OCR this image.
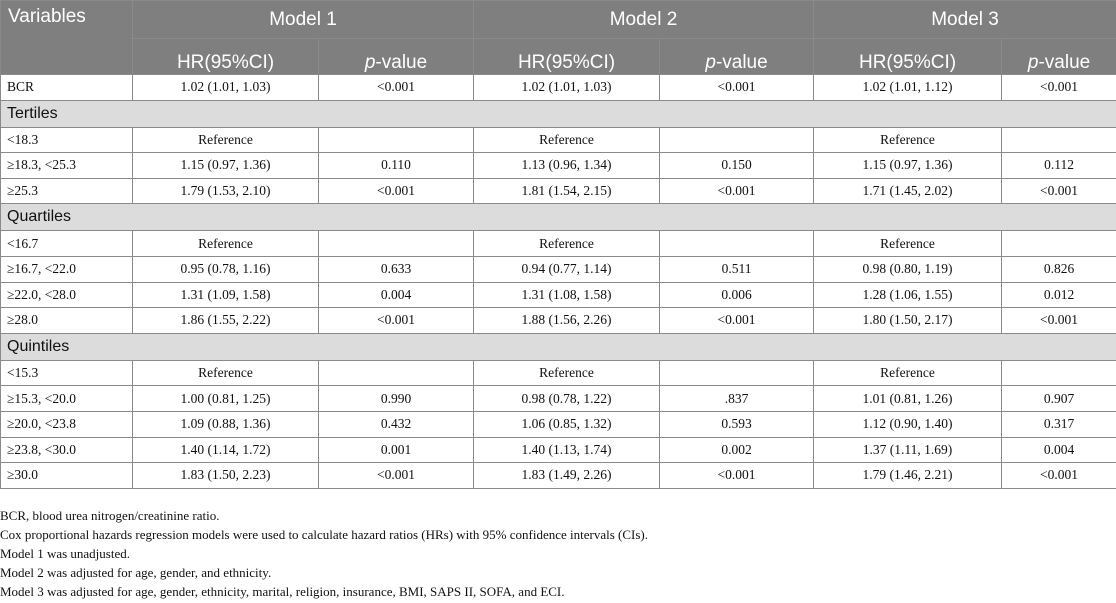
Variables	Model 1		Model 2		Model 3	
	HR(95%CI)	p-value	HR(95%CI)	p-value	HR(95%CI)	p-value
BCR	1.02 (1.01, 1.03)	<0.001	1.02 (1.01, 1.03)	<0.001	1.02 (1.01, 1.12)	<0.001
Tertiles						
<18.3	Reference		Reference		Reference	
≥18.3, <25.3	1.15 (0.97, 1.36)	0.110	1.13 (0.96, 1.34)	0.150	1.15 (0.97, 1.36)	0.112
≥25.3	1.79 (1.53, 2.10)	<0.001	1.81 (1.54, 2.15)	<0.001	1.71 (1.45, 2.02)	<0.001
Quartiles						
<16.7	Reference		Reference		Reference	
≥16.7, <22.0	0.95 (0.78, 1.16)	0.633	0.94 (0.77, 1.14)	0.511	0.98 (0.80, 1.19)	0.826
≥22.0, <28.0	1.31 (1.09, 1.58)	0.004	1.31 (1.08, 1.58)	0.006	1.28 (1.06, 1.55)	0.012
≥28.0	1.86 (1.55, 2.22)	<0.001	1.88 (1.56, 2.26)	<0.001	1.80 (1.50, 2.17)	<0.001
Quintiles						
<15.3	Reference		Reference		Reference	
≥15.3, <20.0	1.00 (0.81, 1.25)	0.990	0.98 (0.78, 1.22)	.837	1.01 (0.81, 1.26)	0.907
≥20.0, <23.8	1.09 (0.88, 1.36)	0.432	1.06 (0.85, 1.32)	0.593	1.12 (0.90, 1.40)	0.317
≥23.8, <30.0	1.40 (1.14, 1.72)	0.001	1.40 (1.13, 1.74)	0.002	1.37 (1.11, 1.69)	0.004
≥30.0	1.83 (1.50, 2.23)	<0.001	1.83 (1.49, 2.26)	<0.001	1.79 (1.46, 2.21)	<0.001
BCR, blood urea nitrogen/creatinine ratio.
Cox proportional hazards regression models were used to calculate hazard ratios (HRs) with 95% confidence intervals (CIs).
Model 1 was unadjusted.
Model 2 was adjusted for age, gender, and ethnicity.
Model 3 was adjusted for age, gender, ethnicity, marital, religion, insurance, BMI, SAPS II, SOFA, and ECI.
